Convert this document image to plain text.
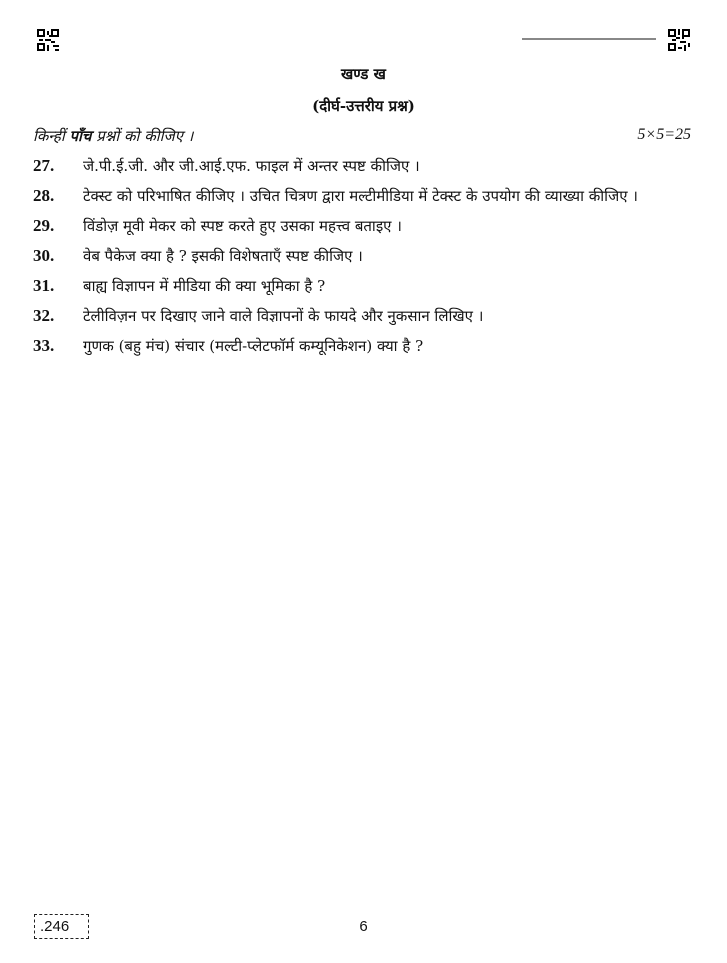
खण्ड ख
(दीर्घ-उत्तरीय प्रश्न)
किन्हीं पाँच प्रश्नों को कीजिए ।	5×5=25
27. जे.पी.ई.जी. और जी.आई.एफ. फाइल में अन्तर स्पष्ट कीजिए ।
28. टेक्स्ट को परिभाषित कीजिए । उचित चित्रण द्वारा मल्टीमीडिया में टेक्स्ट के उपयोग की व्याख्या कीजिए ।
29. विंडोज़ मूवी मेकर को स्पष्ट करते हुए उसका महत्त्व बताइए ।
30. वेब पैकेज क्या है ? इसकी विशेषताएँ स्पष्ट कीजिए ।
31. बाह्य विज्ञापन में मीडिया की क्या भूमिका है ?
32. टेलीविज़न पर दिखाए जाने वाले विज्ञापनों के फायदे और नुकसान लिखिए ।
33. गुणक (बहु मंच) संचार (मल्टी-प्लेटफॉर्म कम्यूनिकेशन) क्या है ?
.246	6
